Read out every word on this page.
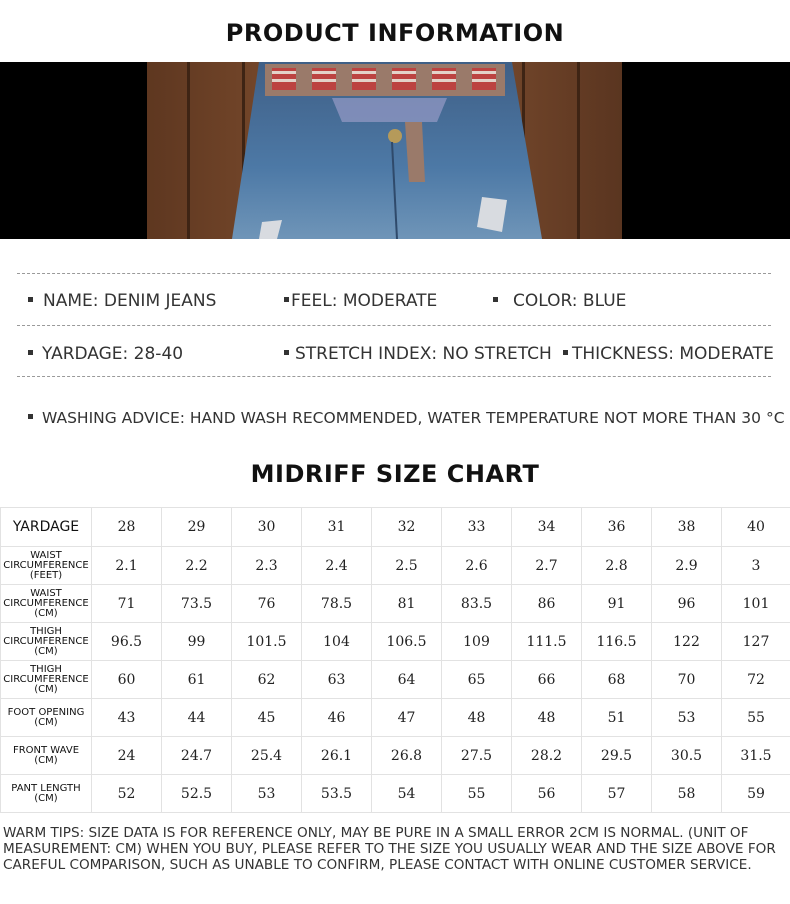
PRODUCT INFORMATION
NAME: DENIM JEANS	FEEL: MODERATE	COLOR: BLUE
YARDAGE: 28-40	STRETCH INDEX: NO STRETCH	THICKNESS: MODERATE
WASHING ADVICE: HAND WASH RECOMMENDED, WATER TEMPERATURE NOT MORE THAN 30 °C
MIDRIFF SIZE CHART
YARDAGE	28	29	30	31	32	33	34	36	38	40
WAIST CIRCUMFERENCE (FEET)	2.1	2.2	2.3	2.4	2.5	2.6	2.7	2.8	2.9	3
WAIST CIRCUMFERENCE (CM)	71	73.5	76	78.5	81	83.5	86	91	96	101
THIGH CIRCUMFERENCE (CM)	96.5	99	101.5	104	106.5	109	111.5	116.5	122	127
THIGH CIRCUMFERENCE (CM)	60	61	62	63	64	65	66	68	70	72
FOOT OPENING (CM)	43	44	45	46	47	48	48	51	53	55
FRONT WAVE (CM)	24	24.7	25.4	26.1	26.8	27.5	28.2	29.5	30.5	31.5
PANT LENGTH (CM)	52	52.5	53	53.5	54	55	56	57	58	59
WARM TIPS: SIZE DATA IS FOR REFERENCE ONLY, MAY BE PURE IN A SMALL ERROR 2CM IS NORMAL. (UNIT OF MEASUREMENT: CM) WHEN YOU BUY, PLEASE REFER TO THE SIZE YOU USUALLY WEAR AND THE SIZE ABOVE FOR CAREFUL COMPARISON, SUCH AS UNABLE TO CONFIRM, PLEASE CONTACT WITH ONLINE CUSTOMER SERVICE.
